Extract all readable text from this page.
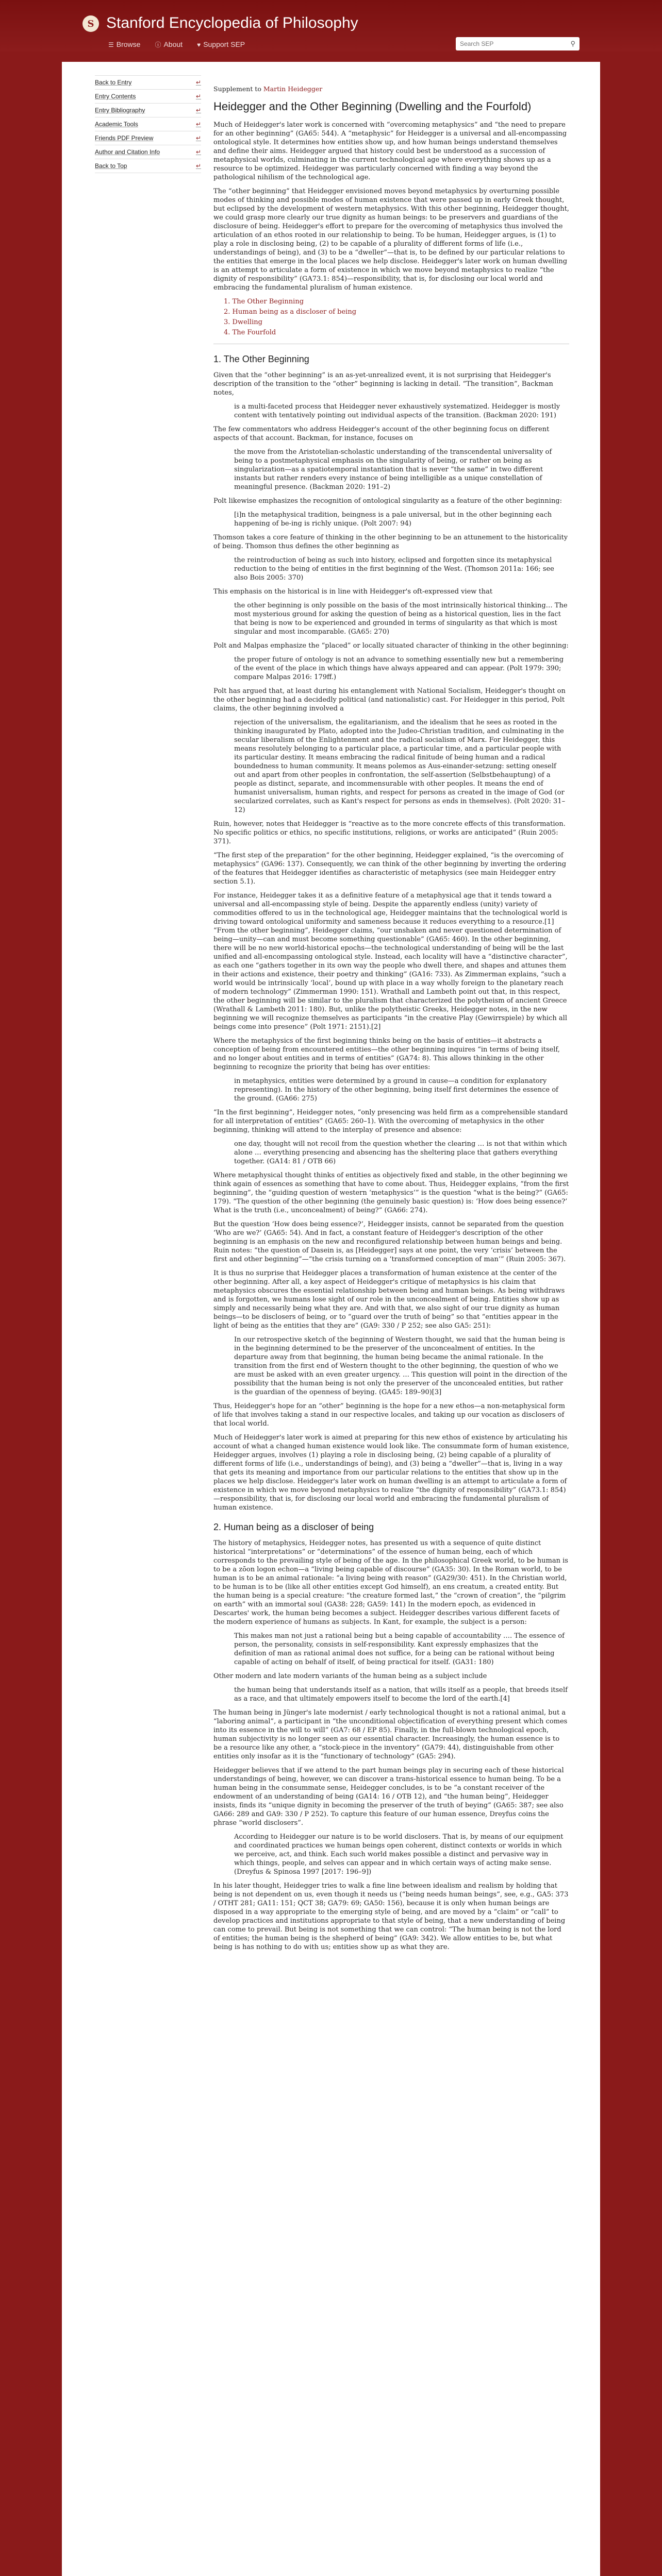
S Stanford Encyclopedia of Philosophy
☰ Browse ⓘ About ♥ Support SEP
Search SEP	⚲
Back to Entry	↵
Entry Contents	↵
Entry Bibliography	↵
Academic Tools	↵
Friends PDF Preview	↵
Author and Citation Info	↵
Back to Top	↵
Supplement to Martin Heidegger
Heidegger and the Other Beginning (Dwelling and the Fourfold)

Much of Heidegger's later work is concerned with “overcoming metaphysics” and “the need to prepare for an other beginning” (GA65: 544). A “metaphysic” for Heidegger is a universal and all-encompassing ontological style. It determines how entities show up, and how human beings understand themselves and define their aims. Heidegger argued that history could best be understood as a succession of metaphysical worlds, culminating in the current technological age where everything shows up as a resource to be optimized. Heidegger was particularly concerned with finding a way beyond the pathological nihilism of the technological age.

The “other beginning” that Heidegger envisioned moves beyond metaphysics by overturning possible modes of thinking and possible modes of human existence that were passed up in early Greek thought, but eclipsed by the development of western metaphysics. With this other beginning, Heidegger thought, we could grasp more clearly our true dignity as human beings: to be preservers and guardians of the disclosure of being. Heidegger's effort to prepare for the overcoming of metaphysics thus involved the articulation of an ethos rooted in our relationship to being. To be human, Heidegger argues, is (1) to play a role in disclosing being, (2) to be capable of a plurality of different forms of life (i.e., understandings of being), and (3) to be a “dweller”—that is, to be defined by our particular relations to the entities that emerge in the local places we help disclose. Heidegger's later work on human dwelling is an attempt to articulate a form of existence in which we move beyond metaphysics to realize “the dignity of responsibility” (GA73.1: 854)—responsibility, that is, for disclosing our local world and embracing the fundamental pluralism of human existence.

1. The Other Beginning
2. Human being as a discloser of being
3. Dwelling
4. The Fourfold
1. The Other Beginning

Given that the “other beginning” is an as-yet-unrealized event, it is not surprising that Heidegger's description of the transition to the “other” beginning is lacking in detail. “The transition”, Backman notes,

is a multi-faceted process that Heidegger never exhaustively systematized. Heidegger is mostly content with tentatively pointing out individual aspects of the transition. (Backman 2020: 191)

The few commentators who address Heidegger's account of the other beginning focus on different aspects of that account. Backman, for instance, focuses on

the move from the Aristotelian-scholastic understanding of the transcendental universality of being to a postmetaphysical emphasis on the singularity of being, or rather on being as singularization—as a spatiotemporal instantiation that is never “the same” in two different instants but rather renders every instance of being intelligible as a unique constellation of meaningful presence. (Backman 2020: 191–2)

Polt likewise emphasizes the recognition of ontological singularity as a feature of the other beginning:

[i]n the metaphysical tradition, beingness is a pale universal, but in the other beginning each happening of be-ing is richly unique. (Polt 2007: 94)

Thomson takes a core feature of thinking in the other beginning to be an attunement to the historicality of being. Thomson thus defines the other beginning as

the reintroduction of being as such into history, eclipsed and forgotten since its metaphysical reduction to the being of entities in the first beginning of the West. (Thomson 2011a: 166; see also Bois 2005: 370)

This emphasis on the historical is in line with Heidegger's oft-expressed view that

the other beginning is only possible on the basis of the most intrinsically historical thinking… The most mysterious ground for asking the question of being as a historical question, lies in the fact that being is now to be experienced and grounded in terms of singularity as that which is most singular and most incomparable. (GA65: 270)

Polt and Malpas emphasize the “placed” or locally situated character of thinking in the other beginning:

the proper future of ontology is not an advance to something essentially new but a remembering of the event of the place in which things have always appeared and can appear. (Polt 1979: 390; compare Malpas 2016: 179ff.)

Polt has argued that, at least during his entanglement with National Socialism, Heidegger's thought on the other beginning had a decidedly political (and nationalistic) cast. For Heidegger in this period, Polt claims, the other beginning involved a

rejection of the universalism, the egalitarianism, and the idealism that he sees as rooted in the thinking inaugurated by Plato, adopted into the Judeo-Christian tradition, and culminating in the secular liberalism of the Enlightenment and the radical socialism of Marx. For Heidegger, this means resolutely belonging to a particular place, a particular time, and a particular people with its particular destiny. It means embracing the radical finitude of being human and a radical boundedness to human community. It means polemos as Aus-einander-setzung: setting oneself out and apart from other peoples in confrontation, the self-assertion (Selbstbehauptung) of a people as distinct, separate, and incommensurable with other peoples. It means the end of humanist universalism, human rights, and respect for persons as created in the image of God (or secularized correlates, such as Kant's respect for persons as ends in themselves). (Polt 2020: 31–12)

Ruin, however, notes that Heidegger is “reactive as to the more concrete effects of this transformation. No specific politics or ethics, no specific institutions, religions, or works are anticipated” (Ruin 2005: 371).

“The first step of the preparation” for the other beginning, Heidegger explained, “is the overcoming of metaphysics” (GA96: 137). Consequently, we can think of the other beginning by inverting the ordering of the features that Heidegger identifies as characteristic of metaphysics (see main Heidegger entry section 5.1).

For instance, Heidegger takes it as a definitive feature of a metaphysical age that it tends toward a universal and all-encompassing style of being. Despite the apparently endless (unity) variety of commodities offered to us in the technological age, Heidegger maintains that the technological world is driving toward ontological uniformity and sameness because it reduces everything to a resource.[1] “From the other beginning”, Heidegger claims, “our unshaken and never questioned determination of being—unity—can and must become something questionable” (GA65: 460). In the other beginning, there will be no new world-historical epochs—the technological understanding of being will be the last unified and all-encompassing ontological style. Instead, each locality will have a “distinctive character”, as each one “gathers together in its own way the people who dwell there, and shapes and attunes them in their actions and existence, their poetry and thinking” (GA16: 733). As Zimmerman explains, “such a world would be intrinsically ‘local’, bound up with place in a way wholly foreign to the planetary reach of modern technology” (Zimmerman 1990: 151). Wrathall and Lambeth point out that, in this respect, the other beginning will be similar to the pluralism that characterized the polytheism of ancient Greece (Wrathall & Lambeth 2011: 180). But, unlike the polytheistic Greeks, Heidegger notes, in the new beginning we will recognize themselves as participants “in the creative Play (Gewirrspiele) by which all beings come into presence” (Polt 1971: 2151).[2]

Where the metaphysics of the first beginning thinks being on the basis of entities—it abstracts a conception of being from encountered entities—the other beginning inquires “in terms of being itself, and no longer about entities and in terms of entities” (GA74: 8). This allows thinking in the other beginning to recognize the priority that being has over entities:

in metaphysics, entities were determined by a ground in cause—a condition for explanatory representing). In the history of the other beginning, being itself first determines the essence of the ground. (GA66: 275)

“In the first beginning”, Heidegger notes, “only presencing was held firm as a comprehensible standard for all interpretation of entities” (GA65: 260–1). With the overcoming of metaphysics in the other beginning, thinking will attend to the interplay of presence and absence:

one day, thought will not recoil from the question whether the clearing … is not that within which alone … everything presencing and absencing has the sheltering place that gathers everything together. (GA14: 81 / OTB 66)

Where metaphysical thought thinks of entities as objectively fixed and stable, in the other beginning we think again of essences as something that have to come about. Thus, Heidegger explains, “from the first beginning”, the “guiding question of western ‘metaphysics’” is the question “what is the being?” (GA65: 179). “The question of the other beginning (the genuinely basic question) is: ‘How does being essence?’ What is the truth (i.e., unconcealment) of being?” (GA66: 274).

But the question ‘How does being essence?’, Heidegger insists, cannot be separated from the question ‘Who are we?’ (GA65: 54). And in fact, a constant feature of Heidegger's description of the other beginning is an emphasis on the new and reconfigured relationship between human beings and being. Ruin notes: “the question of Dasein is, as [Heidegger] says at one point, the very ‘crisis’ between the first and other beginning”—“the crisis turning on a ‘transformed conception of man’” (Ruin 2005: 367).

It is thus no surprise that Heidegger places a transformation of human existence at the center of the other beginning. After all, a key aspect of Heidegger's critique of metaphysics is his claim that metaphysics obscures the essential relationship between being and human beings. As being withdraws and is forgotten, we humans lose sight of our role in the unconcealment of being. Entities show up as simply and necessarily being what they are. And with that, we also sight of our true dignity as human beings—to be disclosers of being, or to “guard over the truth of being” so that “entities appear in the light of being as the entities that they are” (GA9: 330 / P 252; see also GA5: 251):

In our retrospective sketch of the beginning of Western thought, we said that the human being is in the beginning determined to be the preserver of the unconcealment of entities. In the departure away from that beginning, the human being became the animal rationale. In the transition from the first end of Western thought to the other beginning, the question of who we are must be asked with an even greater urgency. … This question will point in the direction of the possibility that the human being is not only the preserver of the unconcealed entities, but rather is the guardian of the openness of beying. (GA45: 189–90)[3]

Thus, Heidegger's hope for an “other” beginning is the hope for a new ethos—a non-metaphysical form of life that involves taking a stand in our respective locales, and taking up our vocation as disclosers of that local world.

Much of Heidegger's later work is aimed at preparing for this new ethos of existence by articulating his account of what a changed human existence would look like. The consummate form of human existence, Heidegger argues, involves (1) playing a role in disclosing being, (2) being capable of a plurality of different forms of life (i.e., understandings of being), and (3) being a “dweller”—that is, living in a way that gets its meaning and importance from our particular relations to the entities that show up in the places we help disclose. Heidegger's later work on human dwelling is an attempt to articulate a form of existence in which we move beyond metaphysics to realize “the dignity of responsibility” (GA73.1: 854)—responsibility, that is, for disclosing our local world and embracing the fundamental pluralism of human existence.

2. Human being as a discloser of being

The history of metaphysics, Heidegger notes, has presented us with a sequence of quite distinct historical “interpretations” or “determinations” of the essence of human being, each of which corresponds to the prevailing style of being of the age. In the philosophical Greek world, to be human is to be a zōon logon echon—a “living being capable of discourse” (GA35: 30). In the Roman world, to be human is to be an animal rationale: “a living being with reason” (GA29/30: 451). In the Christian world, to be human is to be (like all other entities except God himself), an ens creatum, a created entity. But the human being is a special creature: “the creature formed last,” the “crown of creation”, the “pilgrim on earth” with an immortal soul (GA38: 228; GA59: 141) In the modern epoch, as evidenced in Descartes' work, the human being becomes a subject. Heidegger describes various different facets of the modern experience of humans as subjects. In Kant, for example, the subject is a person:

This makes man not just a rational being but a being capable of accountability …. The essence of person, the personality, consists in self-responsibility. Kant expressly emphasizes that the definition of man as rational animal does not suffice, for a being can be rational without being capable of acting on behalf of itself, of being practical for itself. (GA31: 180)

Other modern and late modern variants of the human being as a subject include

the human being that understands itself as a nation, that wills itself as a people, that breeds itself as a race, and that ultimately empowers itself to become the lord of the earth.[4]

The human being in Jünger's late modernist / early technological thought is not a rational animal, but a “laboring animal”, a participant in “the unconditional objectification of everything present which comes into its essence in the will to will” (GA7: 68 / EP 85). Finally, in the full-blown technological epoch, human subjectivity is no longer seen as our essential character. Increasingly, the human essence is to be a resource like any other, a “stock-piece in the inventory” (GA79: 44), distinguishable from other entities only insofar as it is the “functionary of technology” (GA5: 294).

Heidegger believes that if we attend to the part human beings play in securing each of these historical understandings of being, however, we can discover a trans-historical essence to human being. To be a human being in the consummate sense, Heidegger concludes, is to be “a constant receiver of the endowment of an understanding of being (GA14: 16 / OTB 12), and “the human being”, Heidegger insists, finds its “unique dignity in becoming the preserver of the truth of beying” (GA65: 387; see also GA66: 289 and GA9: 330 / P 252). To capture this feature of our human essence, Dreyfus coins the phrase “world disclosers”.

According to Heidegger our nature is to be world disclosers. That is, by means of our equipment and coordinated practices we human beings open coherent, distinct contexts or worlds in which we perceive, act, and think. Each such world makes possible a distinct and pervasive way in which things, people, and selves can appear and in which certain ways of acting make sense. (Dreyfus & Spinosa 1997 [2017: 196–9])

In his later thought, Heidegger tries to walk a fine line between idealism and realism by holding that being is not dependent on us, even though it needs us (“being needs human beings”, see, e.g., GA5: 373 / OTHT 281; GA11: 151; QCT 38; GA79: 69; GA50: 156), because it is only when human beings are disposed in a way appropriate to the emerging style of being, and are moved by a “claim” or “call” to develop practices and institutions appropriate to that style of being, that a new understanding of being can come to prevail. But being is not something that we can control: “The human being is not the lord of entities; the human being is the shepherd of being” (GA9: 342). We allow entities to be, but what being is has nothing to do with us; entities show up as what they are.
